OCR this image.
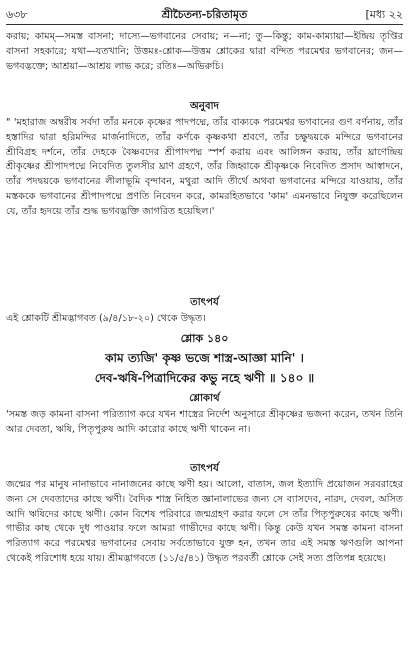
৬৩৮	শ্রীচৈতন্য-চরিতামৃত	[মধ্য ২২

করায়; কামম্—সমস্ত বাসনা; দাস্যে—ভগবানের সেবায়; ন—না; তু—কিন্তু; কাম-কাম্যায়া—ইন্দ্রিয় তৃপ্তির বাসনা সহকারে; যথা—যতখানি; উত্তমঃ-শ্লোক—উত্তম শ্লোকের দ্বারা বন্দিত পরমেশ্বর ভগবানের; জন—ভগবদ্ভক্তে; আশ্রয়া—আশ্রয় লাভ করে; রতিঃ—অভিরুচি।

অনুবাদ

" 'মহারাজ অম্বরীষ সর্বদা তাঁর মনকে কৃষ্ণের পাদপদ্মে, তাঁর বাক্যকে পরমেশ্বর ভগবানের গুণ বর্ণনায়, তাঁর হস্তাদির দ্বারা হরিমন্দির মার্জনাদিতে, তাঁর কর্ণকে কৃষ্ণকথা শ্রবণে, তাঁর চক্ষুদ্বয়কে মন্দিরে ভগবানের শ্রীবিগ্রহ দর্শনে, তাঁর দেহকে বৈষ্ণবদের শ্রীপাদপদ্ম স্পর্শ করায় এবং আলিঙ্গন করায়, তাঁর ঘ্রাণেন্দ্রিয় শ্রীকৃষ্ণের শ্রীপাদপদ্মে নিবেদিত তুলসীর ঘ্রাণ গ্রহণে, তাঁর জিহ্বাকে শ্রীকৃষ্ণকে নিবেদিত প্রসাদ আস্বাদনে, তাঁর পদদ্বয়কে ভগবানের লীলাভূমি বৃন্দাবন, মথুরা আদি তীর্থে অথবা ভগবানের মন্দিরে যাওয়ায়, তাঁর মস্তককে ভগবানের শ্রীপাদপদ্মে প্রণতি নিবেদন করে, কামরহিতভাবে 'কাম' এমনভাবে নিযুক্ত করেছিলেন যে, তাঁর হৃদয়ে তাঁর শুদ্ধ ভগবদ্ভক্তি জাগরিত হয়েছিল।'

তাৎপর্য

এই শ্লোকটি শ্রীমদ্ভাগবত (৯/৪/১৮-২০) থেকে উদ্ধৃত।

শ্লোক ১৪০

কাম ত্যজি' কৃষ্ণ ভজে শাস্ত্র-আজ্ঞা মানি' ।

দেব-ঋষি-পিত্রাদিকের কভু নহে ঋণী ॥ ১৪০ ॥

শ্লোকার্থ

'সমস্ত জড় কামনা বাসনা পরিত্যাগ করে যখন শাস্ত্রের নির্দেশ অনুসারে শ্রীকৃষ্ণের ভজনা করেন, তখন তিনি আর দেবতা, ঋষি, পিতৃপুরুষ আদি কারোর কাছে ঋণী থাকেন না।

তাৎপর্য

জন্মের পর মানুষ নানাভাবে নানাজনের কাছে ঋণী হয়। আলো, বাতাস, জল ইত্যাদি প্রয়োজন সরবরাহের জন্য সে দেবতাদের কাছে ঋণী। বৈদিক শাস্ত্র নিহিত জ্ঞানালাভের জন্য সে ব্যাসদেব, নারদ, দেবল, অসিত আদি ঋষিদের কাছে ঋণী। কোন বিশেষ পরিবারে জন্মগ্রহণ করার ফলে সে তাঁর পিতৃপুরুষের কাছে ঋণী। গাভীর কাছ থেকে দুধ পাওয়ার ফলে আমরা গাভীদের কাছে ঋণী। কিন্তু কেউ যখন সমস্ত কামনা বাসনা পরিত্যাগ করে পরমেশ্বর ভগবানের সেবায় সর্বতোভাবে যুক্ত হন, তখন তার এই সমস্ত ঋণগুলি আপনা থেকেই পরিশোধ হয়ে যায়। শ্রীমদ্ভাগবতে (১১/৫/৪১) উদ্ধৃত পরবর্তী শ্লোকে সেই সত্য প্রতিপন্ন হয়েছে।
